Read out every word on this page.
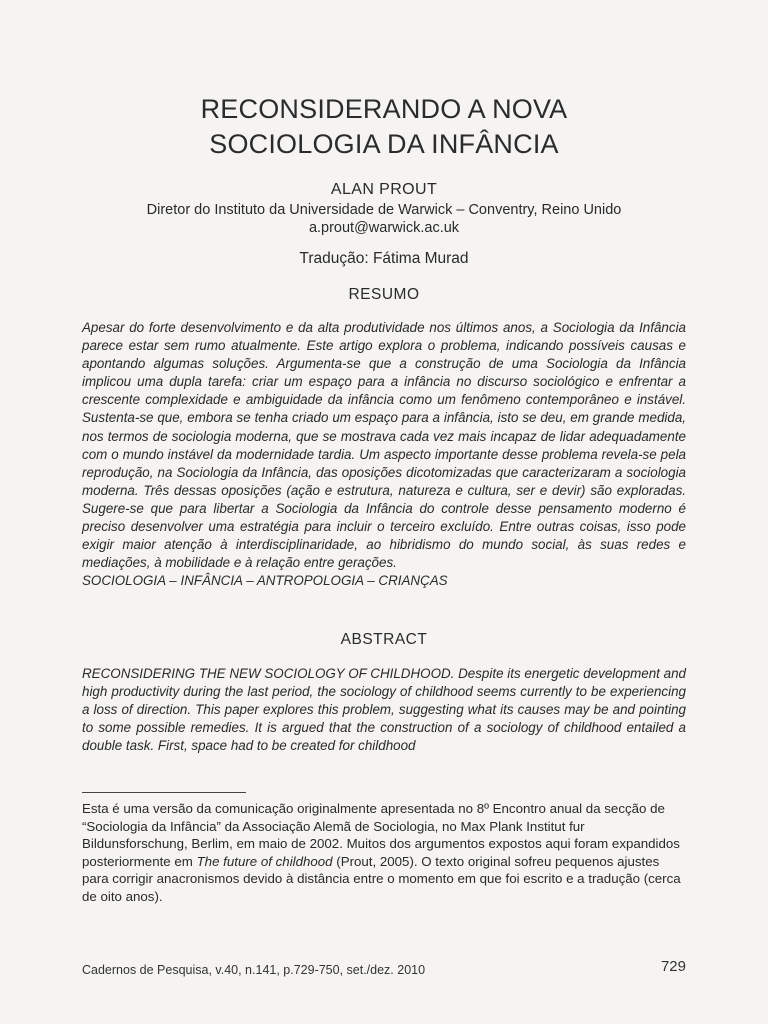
RECONSIDERANDO A NOVA
SOCIOLOGIA DA INFÂNCIA
ALAN PROUT
Diretor do Instituto da Universidade de Warwick – Conventry, Reino Unido
a.prout@warwick.ac.uk
Tradução: Fátima Murad
RESUMO

Apesar do forte desenvolvimento e da alta produtividade nos últimos anos, a Sociologia da Infância parece estar sem rumo atualmente. Este artigo explora o problema, indicando possíveis causas e apontando algumas soluções. Argumenta-se que a construção de uma Sociologia da Infância implicou uma dupla tarefa: criar um espaço para a infância no discurso sociológico e enfrentar a crescente complexidade e ambiguidade da infância como um fenômeno contemporâneo e instável. Sustenta-se que, embora se tenha criado um espaço para a infância, isto se deu, em grande medida, nos termos de sociologia moderna, que se mostrava cada vez mais incapaz de lidar adequadamente com o mundo instável da modernidade tardia. Um aspecto importante desse problema revela-se pela reprodução, na Sociologia da Infância, das oposições dicotomizadas que caracterizaram a sociologia moderna. Três dessas oposições (ação e estrutura, natureza e cultura, ser e devir) são exploradas. Sugere-se que para libertar a Sociologia da Infância do controle desse pensamento moderno é preciso desenvolver uma estratégia para incluir o terceiro excluído. Entre outras coisas, isso pode exigir maior atenção à interdisciplinaridade, ao hibridismo do mundo social, às suas redes e mediações, à mobilidade e à relação entre gerações.
SOCIOLOGIA – INFÂNCIA – ANTROPOLOGIA – CRIANÇAS

ABSTRACT

RECONSIDERING THE NEW SOCIOLOGY OF CHILDHOOD. Despite its energetic development and high productivity during the last period, the sociology of childhood seems currently to be experiencing a loss of direction. This paper explores this problem, suggesting what its causes may be and pointing to some possible remedies. It is argued that the construction of a sociology of childhood entailed a double task. First, space had to be created for childhood

Esta é uma versão da comunicação originalmente apresentada no 8º Encontro anual da secção de “Sociologia da Infância” da Associação Alemã de Sociologia, no Max Plank Institut fur Bildunsforschung, Berlim, em maio de 2002. Muitos dos argumentos expostos aqui foram expandidos posteriormente em The future of childhood (Prout, 2005). O texto original sofreu pequenos ajustes para corrigir anacronismos devido à distância entre o momento em que foi escrito e a tradução (cerca de oito anos).

Cadernos de Pesquisa, v.40, n.141, p.729-750, set./dez. 2010	729
